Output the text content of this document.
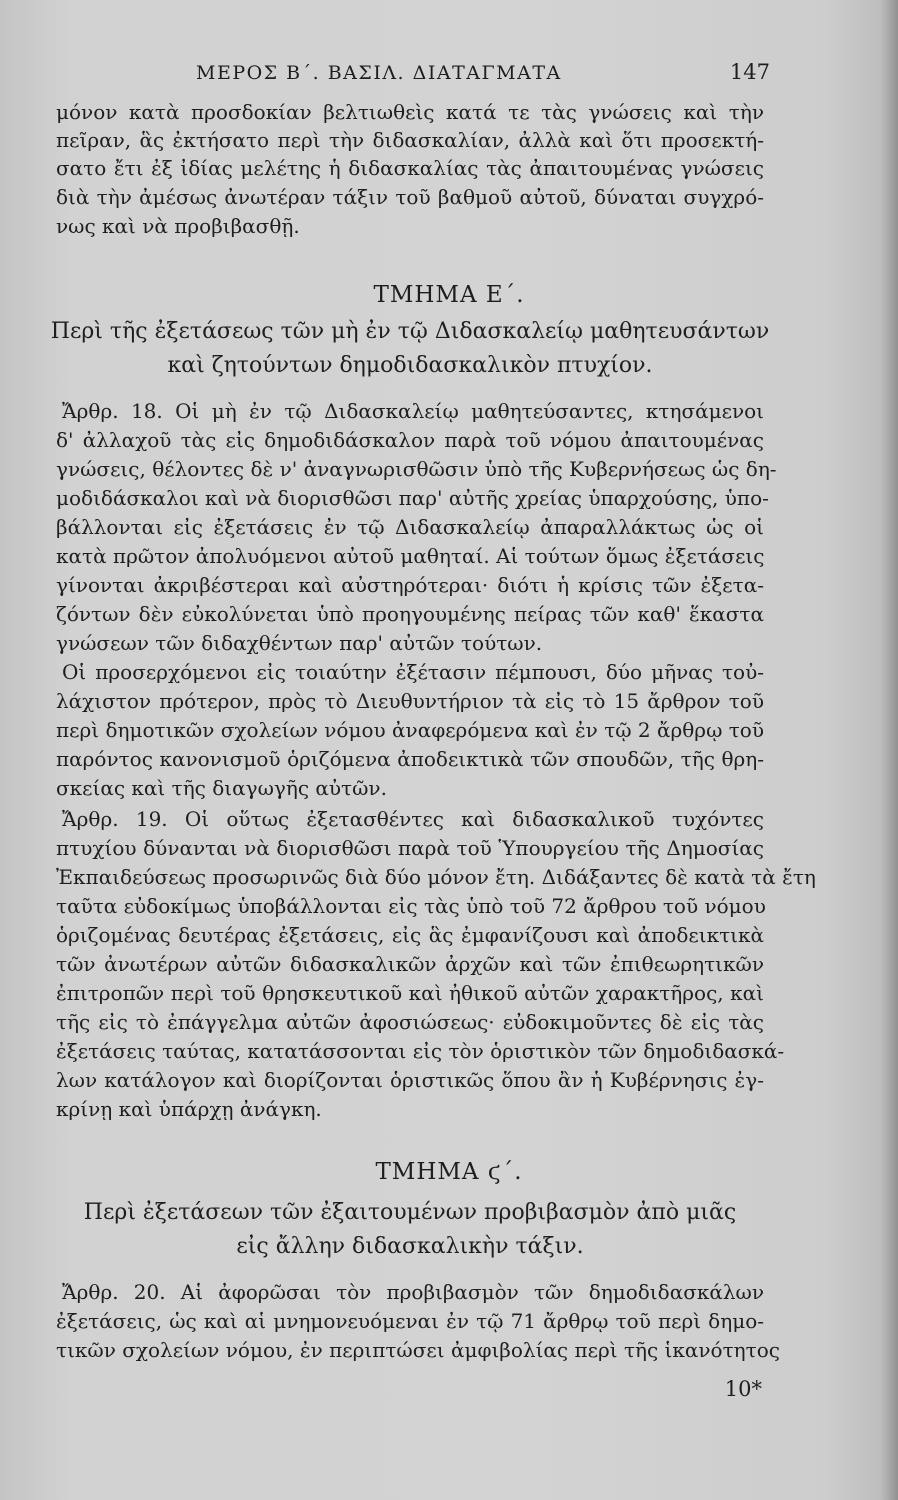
ΜΕΡΟΣ Β΄. ΒΑΣΙΛ. ΔΙΑΤΑΓΜΑΤΑ	147
μόνον κατὰ προσδοκίαν βελτιωθεὶς κατά τε τὰς γνώσεις καὶ τὴν
πεῖραν, ἃς ἐκτήσατο περὶ τὴν διδασκαλίαν, ἀλλὰ καὶ ὅτι προσεκτή-
σατο ἔτι ἐξ ἰδίας μελέτης ἡ διδασκαλίας τὰς ἀπαιτουμένας γνώσεις
διὰ τὴν ἀμέσως ἀνωτέραν τάξιν τοῦ βαθμοῦ αὐτοῦ, δύναται συγχρό-
νως καὶ νὰ προβιβασθῇ.
ΤΜΗΜΑ Ε΄.
Περὶ τῆς ἐξετάσεως τῶν μὴ ἐν τῷ Διδασκαλείῳ μαθητευσάντων
καὶ ζητούντων δημοδιδασκαλικὸν πτυχίον.
Ἄρθρ. 18. Οἱ μὴ ἐν τῷ Διδασκαλείῳ μαθητεύσαντες, κτησάμενοι
δ' ἀλλαχοῦ τὰς εἰς δημοδιδάσκαλον παρὰ τοῦ νόμου ἀπαιτουμένας
γνώσεις, θέλοντες δὲ ν' ἀναγνωρισθῶσιν ὑπὸ τῆς Κυβερνήσεως ὡς δη-
μοδιδάσκαλοι καὶ νὰ διορισθῶσι παρ' αὐτῆς χρείας ὑπαρχούσης, ὑπο-
βάλλονται εἰς ἐξετάσεις ἐν τῷ Διδασκαλείῳ ἀπαραλλάκτως ὡς οἱ
κατὰ πρῶτον ἀπολυόμενοι αὐτοῦ μαθηταί. Αἱ τούτων ὅμως ἐξετάσεις
γίνονται ἀκριβέστεραι καὶ αὐστηρότεραι· διότι ἡ κρίσις τῶν ἐξετα-
ζόντων δὲν εὐκολύνεται ὑπὸ προηγουμένης πείρας τῶν καθ' ἕκαστα
γνώσεων τῶν διδαχθέντων παρ' αὐτῶν τούτων.
Οἱ προσερχόμενοι εἰς τοιαύτην ἐξέτασιν πέμπουσι, δύο μῆνας τοὐ-
λάχιστον πρότερον, πρὸς τὸ Διευθυντήριον τὰ εἰς τὸ 15 ἄρθρον τοῦ
περὶ δημοτικῶν σχολείων νόμου ἀναφερόμενα καὶ ἐν τῷ 2 ἄρθρῳ τοῦ
παρόντος κανονισμοῦ ὁριζόμενα ἀποδεικτικὰ τῶν σπουδῶν, τῆς θρη-
σκείας καὶ τῆς διαγωγῆς αὐτῶν.
Ἄρθρ. 19. Οἱ οὕτως ἐξετασθέντες καὶ διδασκαλικοῦ τυχόντες
πτυχίου δύνανται νὰ διορισθῶσι παρὰ τοῦ Ὑπουργείου τῆς Δημοσίας
Ἐκπαιδεύσεως προσωρινῶς διὰ δύο μόνον ἔτη. Διδάξαντες δὲ κατὰ τὰ ἔτη
ταῦτα εὐδοκίμως ὑποβάλλονται εἰς τὰς ὑπὸ τοῦ 72 ἄρθρου τοῦ νόμου
ὁριζομένας δευτέρας ἐξετάσεις, εἰς ἃς ἐμφανίζουσι καὶ ἀποδεικτικὰ
τῶν ἀνωτέρων αὐτῶν διδασκαλικῶν ἀρχῶν καὶ τῶν ἐπιθεωρητικῶν
ἐπιτροπῶν περὶ τοῦ θρησκευτικοῦ καὶ ἠθικοῦ αὐτῶν χαρακτῆρος, καὶ
τῆς εἰς τὸ ἐπάγγελμα αὐτῶν ἀφοσιώσεως· εὐδοκιμοῦντες δὲ εἰς τὰς
ἐξετάσεις ταύτας, κατατάσσονται εἰς τὸν ὁριστικὸν τῶν δημοδιδασκά-
λων κατάλογον καὶ διορίζονται ὁριστικῶς ὅπου ἂν ἡ Κυβέρνησις ἐγ-
κρίνῃ καὶ ὑπάρχῃ ἀνάγκη.
ΤΜΗΜΑ ϛ΄.
Περὶ ἐξετάσεων τῶν ἐξαιτουμένων προβιβασμὸν ἀπὸ μιᾶς
εἰς ἄλλην διδασκαλικὴν τάξιν.
Ἄρθρ. 20. Αἱ ἀφορῶσαι τὸν προβιβασμὸν τῶν δημοδιδασκάλων
ἐξετάσεις, ὡς καὶ αἱ μνημονευόμεναι ἐν τῷ 71 ἄρθρῳ τοῦ περὶ δημο-
τικῶν σχολείων νόμου, ἐν περιπτώσει ἀμφιβολίας περὶ τῆς ἱκανότητος
10*
